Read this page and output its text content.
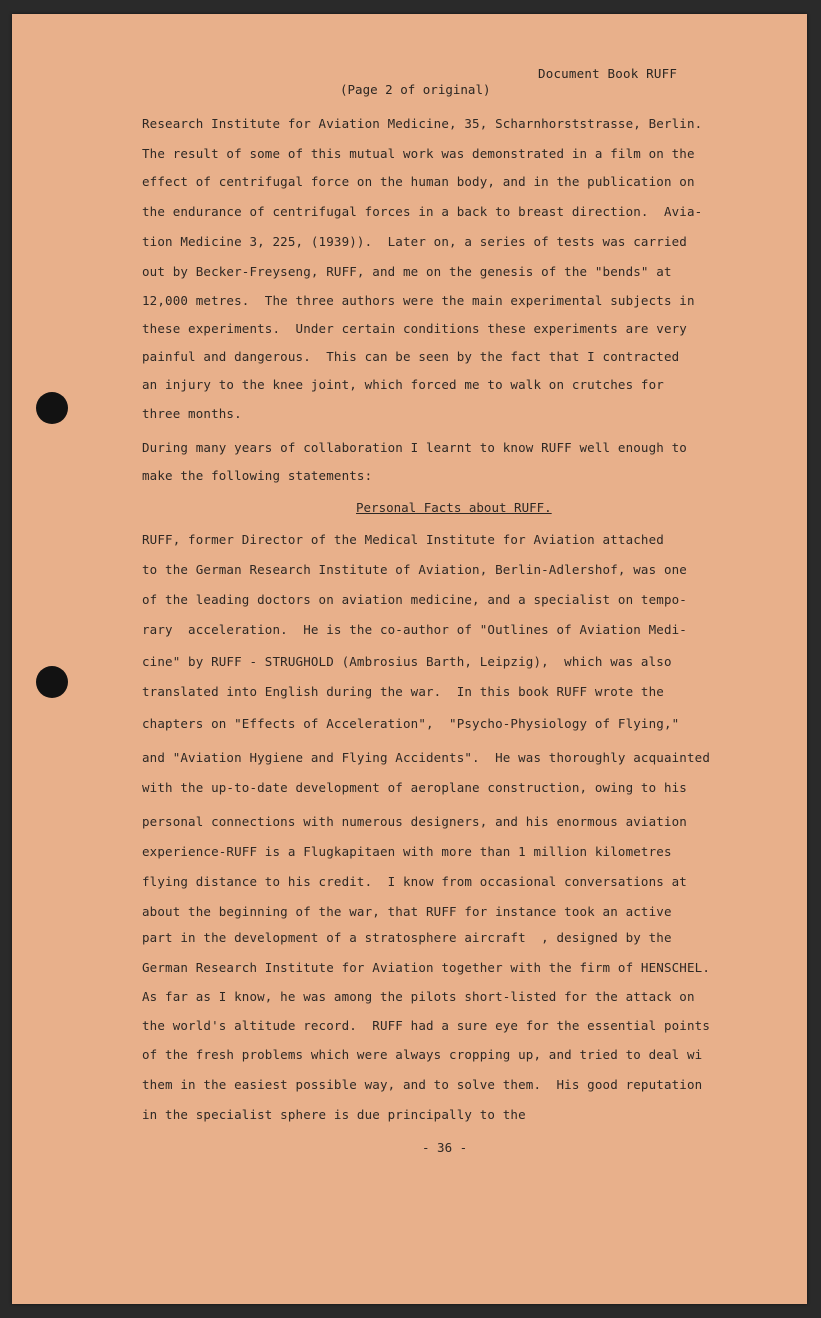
Document Book RUFF
(Page 2 of original)
Research Institute for Aviation Medicine, 35, Scharnhorststrasse, Berlin.
The result of some of this mutual work was demonstrated in a film on the
effect of centrifugal force on the human body, and in the publication on
the endurance of centrifugal forces in a back to breast direction.  Avia-
tion Medicine 3, 225, (1939)).  Later on, a series of tests was carried
out by Becker-Freyseng, RUFF, and me on the genesis of the "bends" at
12,000 metres.  The three authors were the main experimental subjects in
these experiments.  Under certain conditions these experiments are very
painful and dangerous.  This can be seen by the fact that I contracted
an injury to the knee joint, which forced me to walk on crutches for
three months.
During many years of collaboration I learnt to know RUFF well enough to
make the following statements:
Personal Facts about RUFF.
RUFF, former Director of the Medical Institute for Aviation attached
to the German Research Institute of Aviation, Berlin-Adlershof, was one
of the leading doctors on aviation medicine, and a specialist on tempo-
rary  acceleration.  He is the co-author of "Outlines of Aviation Medi-
cine" by RUFF - STRUGHOLD (Ambrosius Barth, Leipzig),  which was also
translated into English during the war.  In this book RUFF wrote the
chapters on "Effects of Acceleration",  "Psycho-Physiology of Flying,"
and "Aviation Hygiene and Flying Accidents".  He was thoroughly acquainted
with the up-to-date development of aeroplane construction, owing to his
personal connections with numerous designers, and his enormous aviation
experience-RUFF is a Flugkapitaen with more than 1 million kilometres
flying distance to his credit.  I know from occasional conversations at
about the beginning of the war, that RUFF for instance took an active
part in the development of a stratosphere aircraft  , designed by the
German Research Institute for Aviation together with the firm of HENSCHEL.
As far as I know, he was among the pilots short-listed for the attack on
the world's altitude record.  RUFF had a sure eye for the essential points
of the fresh problems which were always cropping up, and tried to deal wi
them in the easiest possible way, and to solve them.  His good reputation
in the specialist sphere is due principally to the
- 36 -
